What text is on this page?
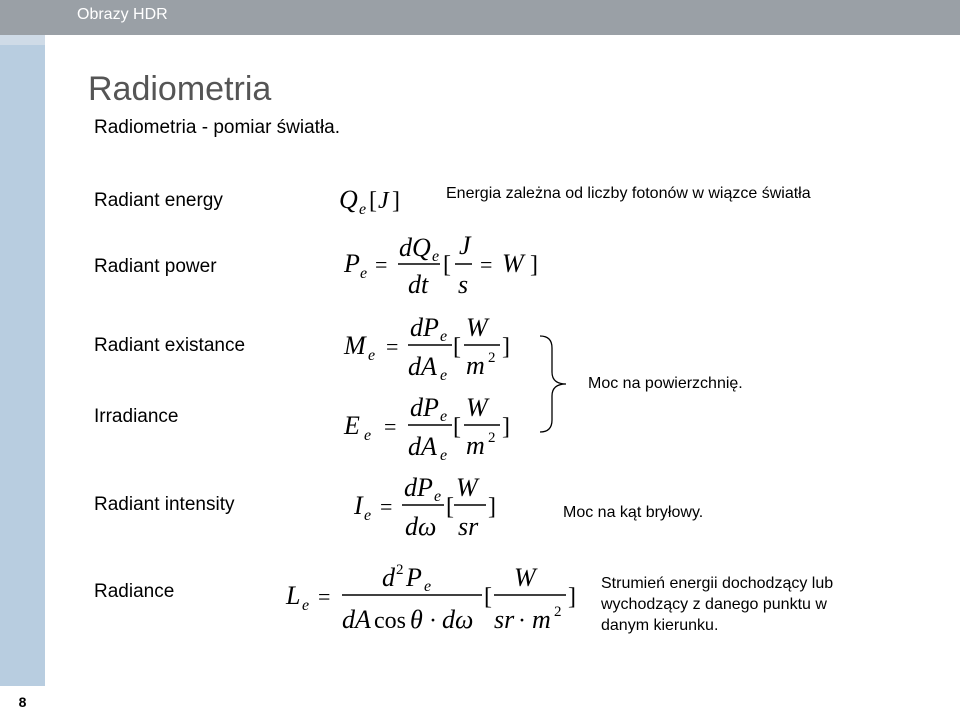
Obrazy HDR
8
Radiometria
Radiometria - pomiar światła.
Radiant energy
Radiant power
Radiant existance
Irradiance
Radiant intensity
Radiance
Energia zależna od liczby fotonów w wiązce światła
Moc na powierzchnię.
Moc na kąt bryłowy.
Strumień energii dochodzący lub
wychodzący z danego punktu w
danym kierunku.
Q e [ J ]
P e =
dQ e
dt
[
J
s
= W ]
M e =
dP e
dA e
[
W
m 2 ]
E e =
dP e
dA e
[
W
m 2 ]
I e =
dP e
dω
[
W
sr
]
L e =
d 2 P e
dA cos θ · dω
[
W
sr · m 2
]
